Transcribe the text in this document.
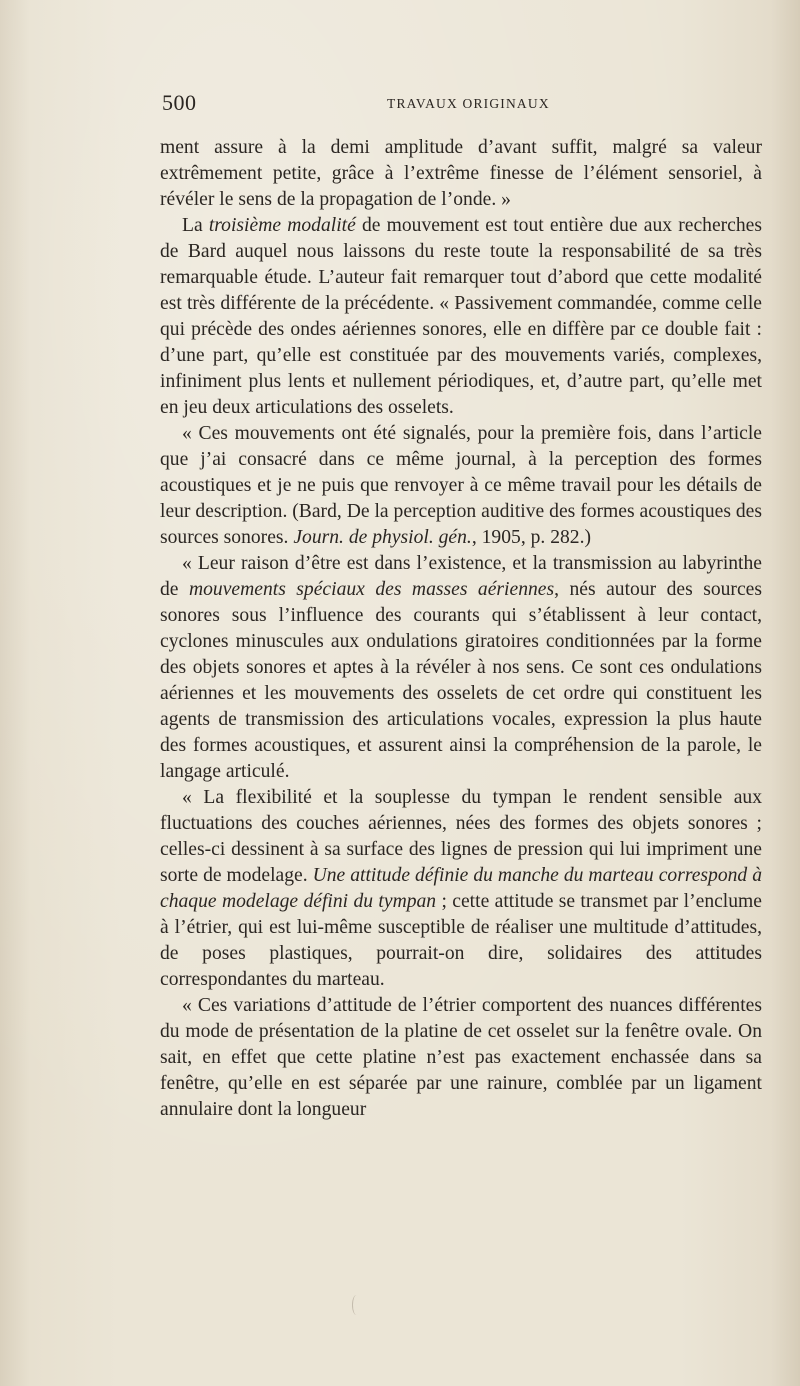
500	TRAVAUX ORIGINAUX

ment assure à la demi amplitude d’avant suffit, malgré sa valeur extrêmement petite, grâce à l’extrême finesse de l’élément sensoriel, à révéler le sens de la propagation de l’onde. »

La troisième modalité de mouvement est tout entière due aux recherches de Bard auquel nous laissons du reste toute la responsabilité de sa très remarquable étude. L’auteur fait remarquer tout d’abord que cette modalité est très différente de la précédente. « Passivement commandée, comme celle qui précède des ondes aériennes sonores, elle en diffère par ce double fait : d’une part, qu’elle est constituée par des mouvements variés, complexes, infiniment plus lents et nullement périodiques, et, d’autre part, qu’elle met en jeu deux articulations des osselets.

« Ces mouvements ont été signalés, pour la première fois, dans l’article que j’ai consacré dans ce même journal, à la perception des formes acoustiques et je ne puis que renvoyer à ce même travail pour les détails de leur description. (Bard, De la perception auditive des formes acoustiques des sources sonores. Journ. de physiol. gén., 1905, p. 282.)

« Leur raison d’être est dans l’existence, et la transmission au labyrinthe de mouvements spéciaux des masses aériennes, nés autour des sources sonores sous l’influence des courants qui s’établissent à leur contact, cyclones minuscules aux ondulations giratoires conditionnées par la forme des objets sonores et aptes à la révéler à nos sens. Ce sont ces ondulations aériennes et les mouvements des osselets de cet ordre qui constituent les agents de transmission des articulations vocales, expression la plus haute des formes acoustiques, et assurent ainsi la compréhension de la parole, le langage articulé.

« La flexibilité et la souplesse du tympan le rendent sensible aux fluctuations des couches aériennes, nées des formes des objets sonores ; celles-ci dessinent à sa surface des lignes de pression qui lui impriment une sorte de modelage. Une attitude définie du manche du marteau correspond à chaque modelage défini du tympan ; cette attitude se transmet par l’enclume à l’étrier, qui est lui-même susceptible de réaliser une multitude d’attitudes, de poses plastiques, pourrait-on dire, solidaires des attitudes correspondantes du marteau.

« Ces variations d’attitude de l’étrier comportent des nuances différentes du mode de présentation de la platine de cet osselet sur la fenêtre ovale. On sait, en effet que cette platine n’est pas exactement enchassée dans sa fenêtre, qu’elle en est séparée par une rainure, comblée par un ligament annulaire dont la longueur
